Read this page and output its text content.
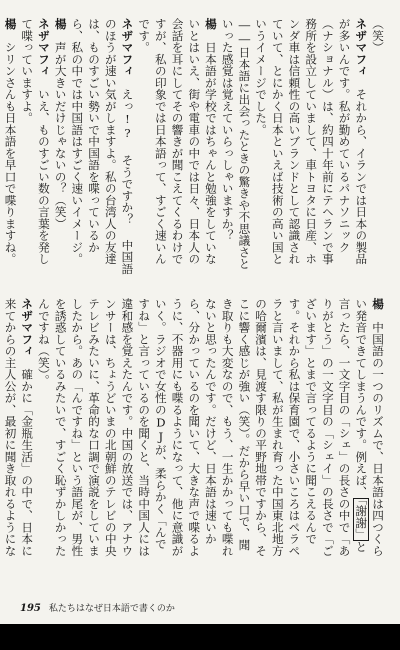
（笑）

ネザマフィ　それから、イランでは日本の製品が多いんです。私が勤めているパナソニック（ナショナル）は、約四十年前にテヘランで事務所を設立していまして、車トヨタに日産、ホンダ車は信頼性の高いブランドとして認識されていて、とにかく日本といえば技術の高い国というイメージでした。

――日本語に出会ったときの驚きや不思議さといった感覚は覚えていらっしゃいますか？

楊　日本語が学校ではちゃんと勉強をしていないとはいえ、街や電車の中では日々、日本人の会話を耳にしてその響きが聞こえてくるわけですが、私の印象では日本語って、すごく速いんです。

ネザマフィ　えっ!? そうですか？ 中国語のほうが速い気がしますよ。私の台湾人の友達は、ものすごい勢いで中国語を喋っているから、私の中では中国語はすごく速いイメージ。

楊　声が大きいだけじゃないの？（笑）

ネザマフィ　いえ、ものすごい数の言葉を発して喋っていますよ。

楊　シリンさんも日本語を早口で喋りますね。

楊　中国語の一つのリズムで、日本語は四つくらい発音できてしまうんです。例えば、「謝謝」と言ったら、一文字目の「シェ」の長さの中で「ありがとう」の一文字目の「シェイ」の長さで「ございます」とまで言ってるように聞こえるんです。それから私は保育園で、小さいころはペラペラと言いまして、私が生まれ育った中国東北地方の哈爾濱は、見渡す限りの平野地帯ですから、そこに響く感じが強い（笑）。だから早い口で、聞き取りも大変なので、もう、一生かかっても喋れないと思ったんです。だけど、日本語は速いから、分かっているのを聞いて、大きな声で喋るように、不器用にも喋るようになって、他に意識がいく。ラジオで女性のDJが、柔らかく「んですね」と言っているのを聞くと、当時中国人には違和感を覚えたんです。中国の放送では、アナウンサーは、ちょうどいまの北朝鮮のテレビの中央テレビみたいに、革命的な口調で演説をしていましたから。あの「んですね」という語尾が、男性を誘惑しているみたいで、すごく恥ずかしかったんですね（笑）。

ネザマフィ　確かに「金瓶生活」の中で、日本に来てからの主人公が、最初に聞き取れるようにな

195 私たちはなぜ日本語で書くのか
